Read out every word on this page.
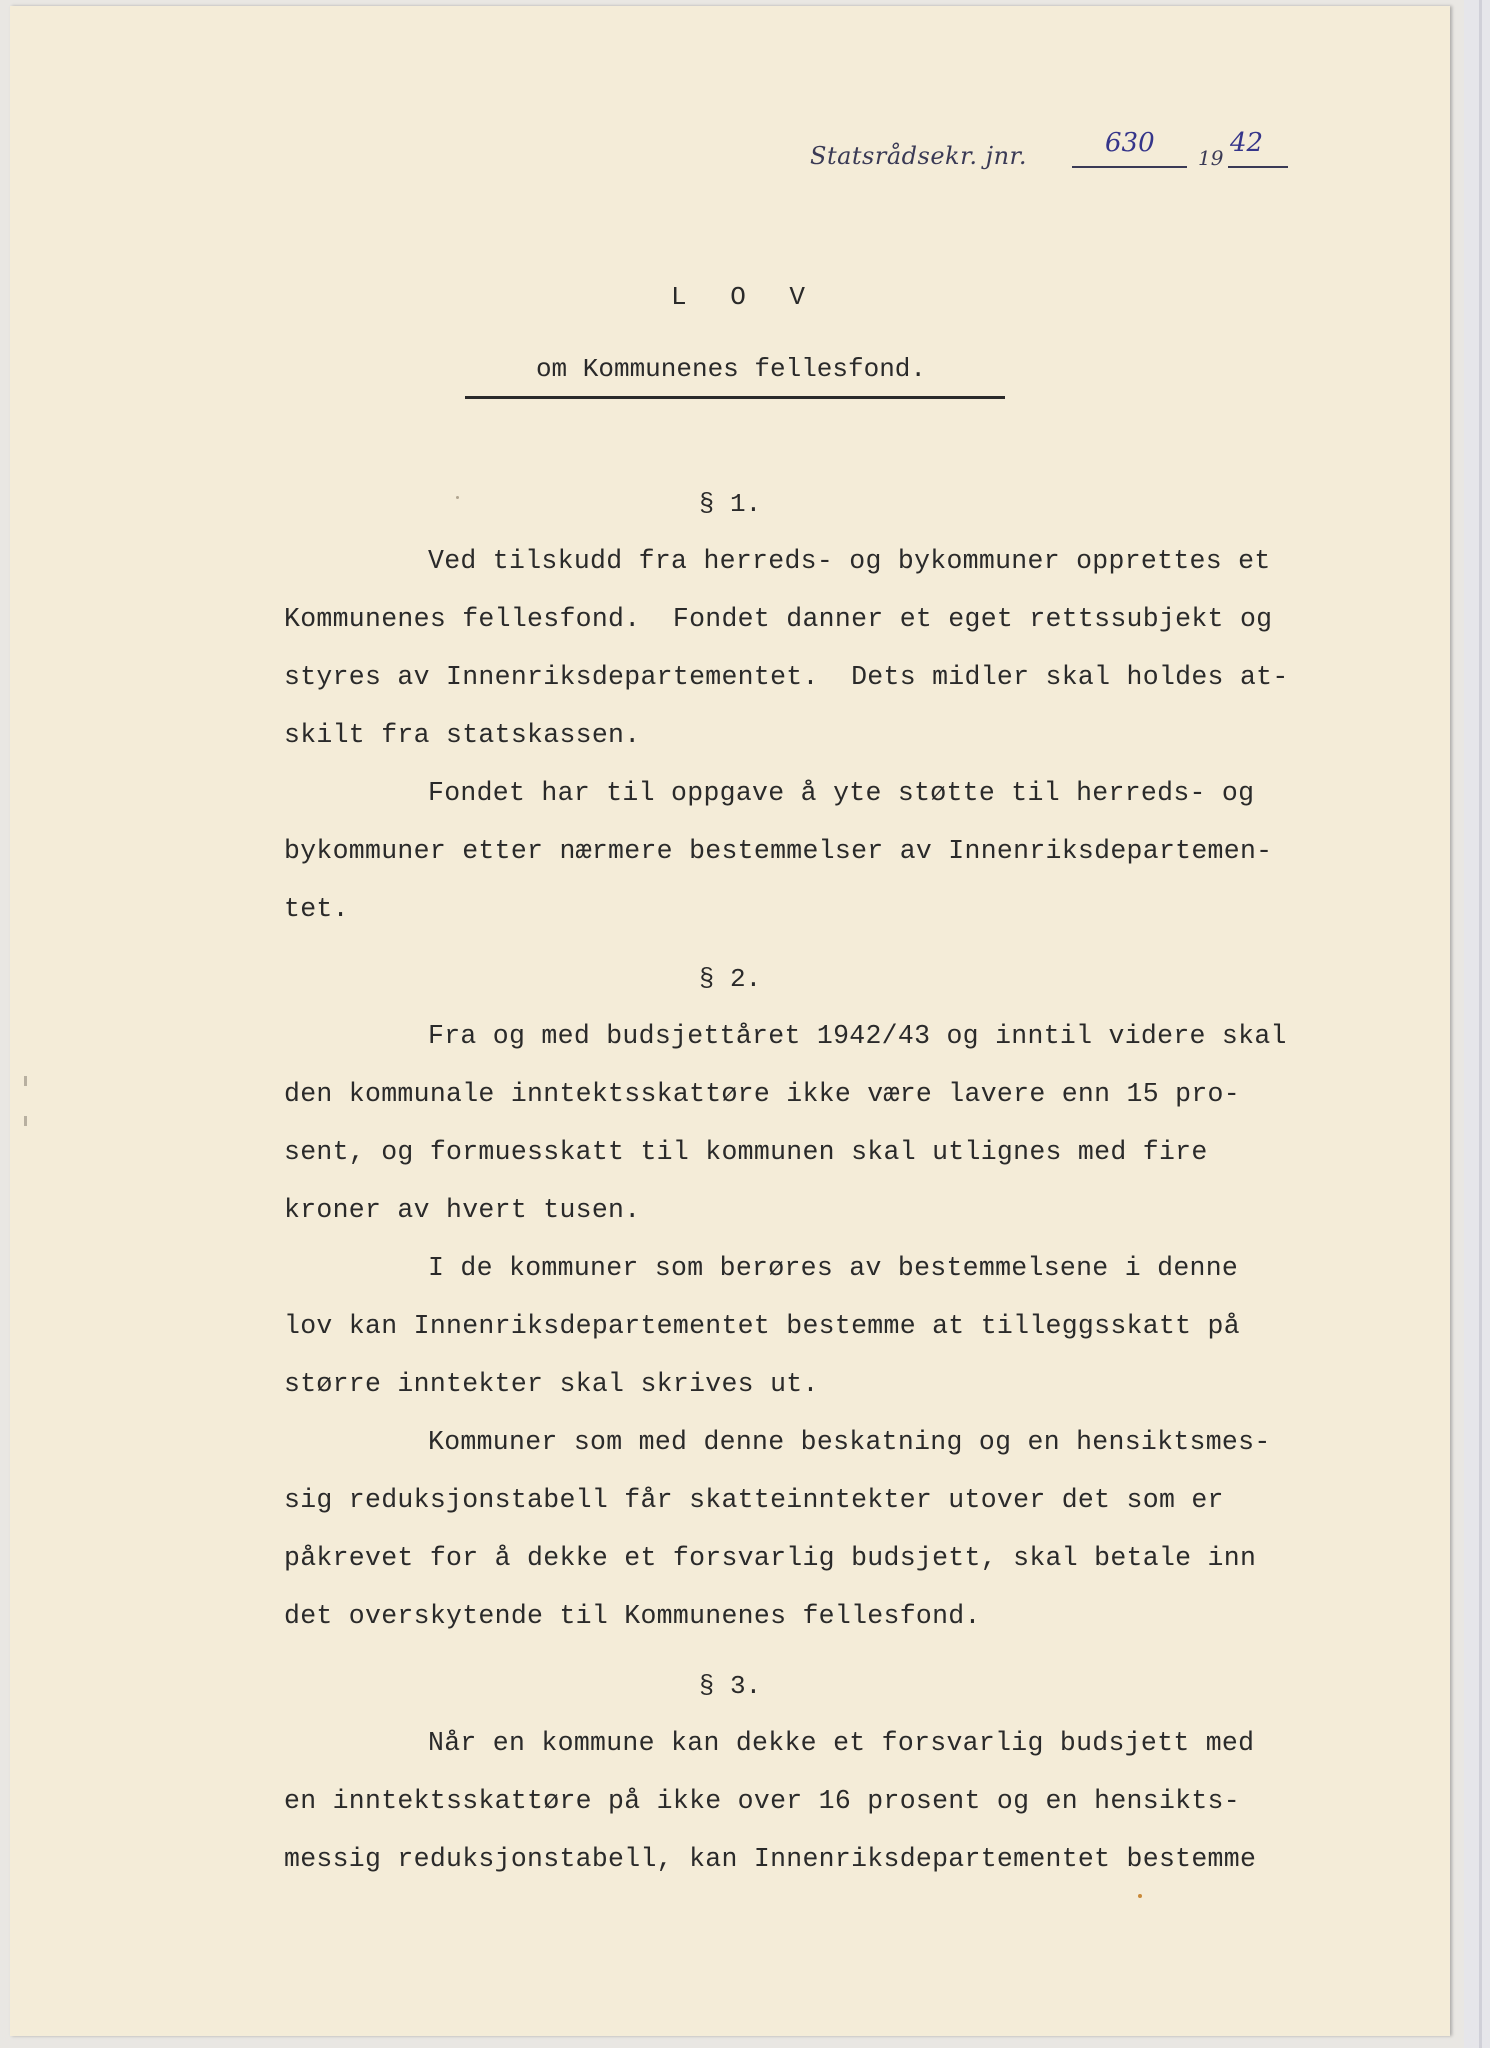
Statsrådsekr. jnr.	630 19 42
L O V
om Kommunenes fellesfond.
§ 1.
Ved tilskudd fra herreds- og bykommuner opprettes et
Kommunenes fellesfond.  Fondet danner et eget rettssubjekt og
styres av Innenriksdepartementet.  Dets midler skal holdes at-
skilt fra statskassen.
Fondet har til oppgave å yte støtte til herreds- og
bykommuner etter nærmere bestemmelser av Innenriksdepartemen-
tet.
§ 2.
Fra og med budsjettåret 1942/43 og inntil videre skal
den kommunale inntektsskattøre ikke være lavere enn 15 pro-
sent, og formuesskatt til kommunen skal utlignes med fire
kroner av hvert tusen.
I de kommuner som berøres av bestemmelsene i denne
lov kan Innenriksdepartementet bestemme at tilleggsskatt på
større inntekter skal skrives ut.
Kommuner som med denne beskatning og en hensiktsmes-
sig reduksjonstabell får skatteinntekter utover det som er
påkrevet for å dekke et forsvarlig budsjett, skal betale inn
det overskytende til Kommunenes fellesfond.
§ 3.
Når en kommune kan dekke et forsvarlig budsjett med
en inntektsskattøre på ikke over 16 prosent og en hensikts-
messig reduksjonstabell, kan Innenriksdepartementet bestemme
